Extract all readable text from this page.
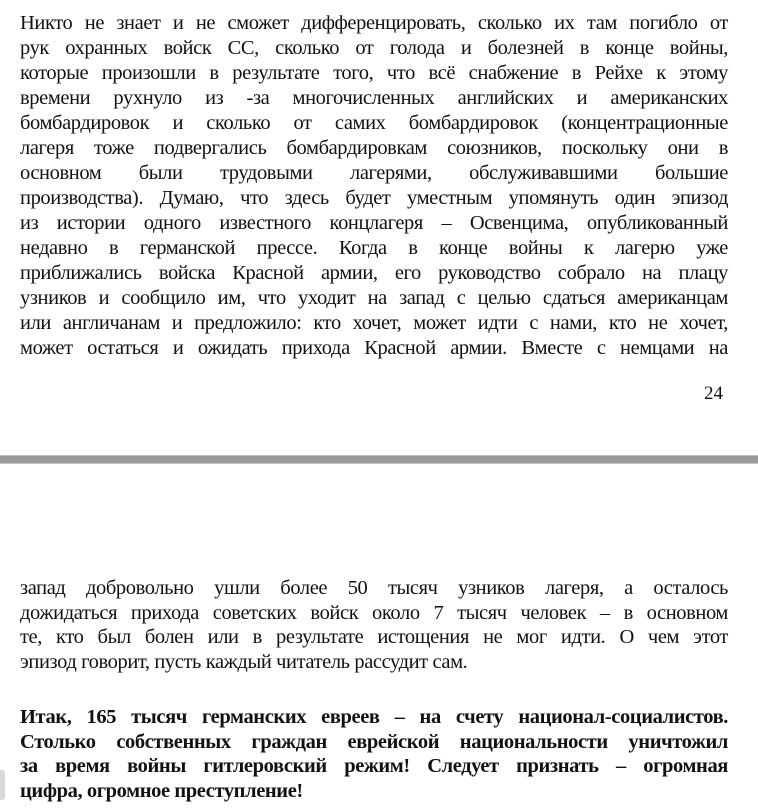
Никто не знает и не сможет дифференцировать, сколько их там погибло от
рук охранных войск СС, сколько от голода и болезней в конце войны,
которые произошли в результате того, что всё снабжение в Рейхе к этому
времени рухнуло из -за многочисленных английских и американских
бомбардировок и сколько от самих бомбардировок (концентрационные
лагеря тоже подвергались бомбардировкам союзников, поскольку они в
основном были трудовыми лагерями, обслуживавшими большие
производства). Думаю, что здесь будет уместным упомянуть один эпизод
из истории одного известного концлагеря – Освенцима, опубликованный
недавно в германской прессе. Когда в конце войны к лагерю уже
приближались войска Красной армии, его руководство собрало на плацу
узников и сообщило им, что уходит на запад с целью сдаться американцам
или англичанам и предложило: кто хочет, может идти с нами, кто не хочет,
может остаться и ожидать прихода Красной армии. Вместе с немцами на
24
запад добровольно ушли более 50 тысяч узников лагеря, а осталось
дожидаться прихода советских войск около 7 тысяч человек – в основном
те, кто был болен или в результате истощения не мог идти. О чем этот
эпизод говорит, пусть каждый читатель рассудит сам.
Итак, 165 тысяч германских евреев – на счету национал-социалистов.
Столько собственных граждан еврейской национальности уничтожил
за время войны гитлеровский режим! Следует признать – огромная
цифра, огромное преступление!
